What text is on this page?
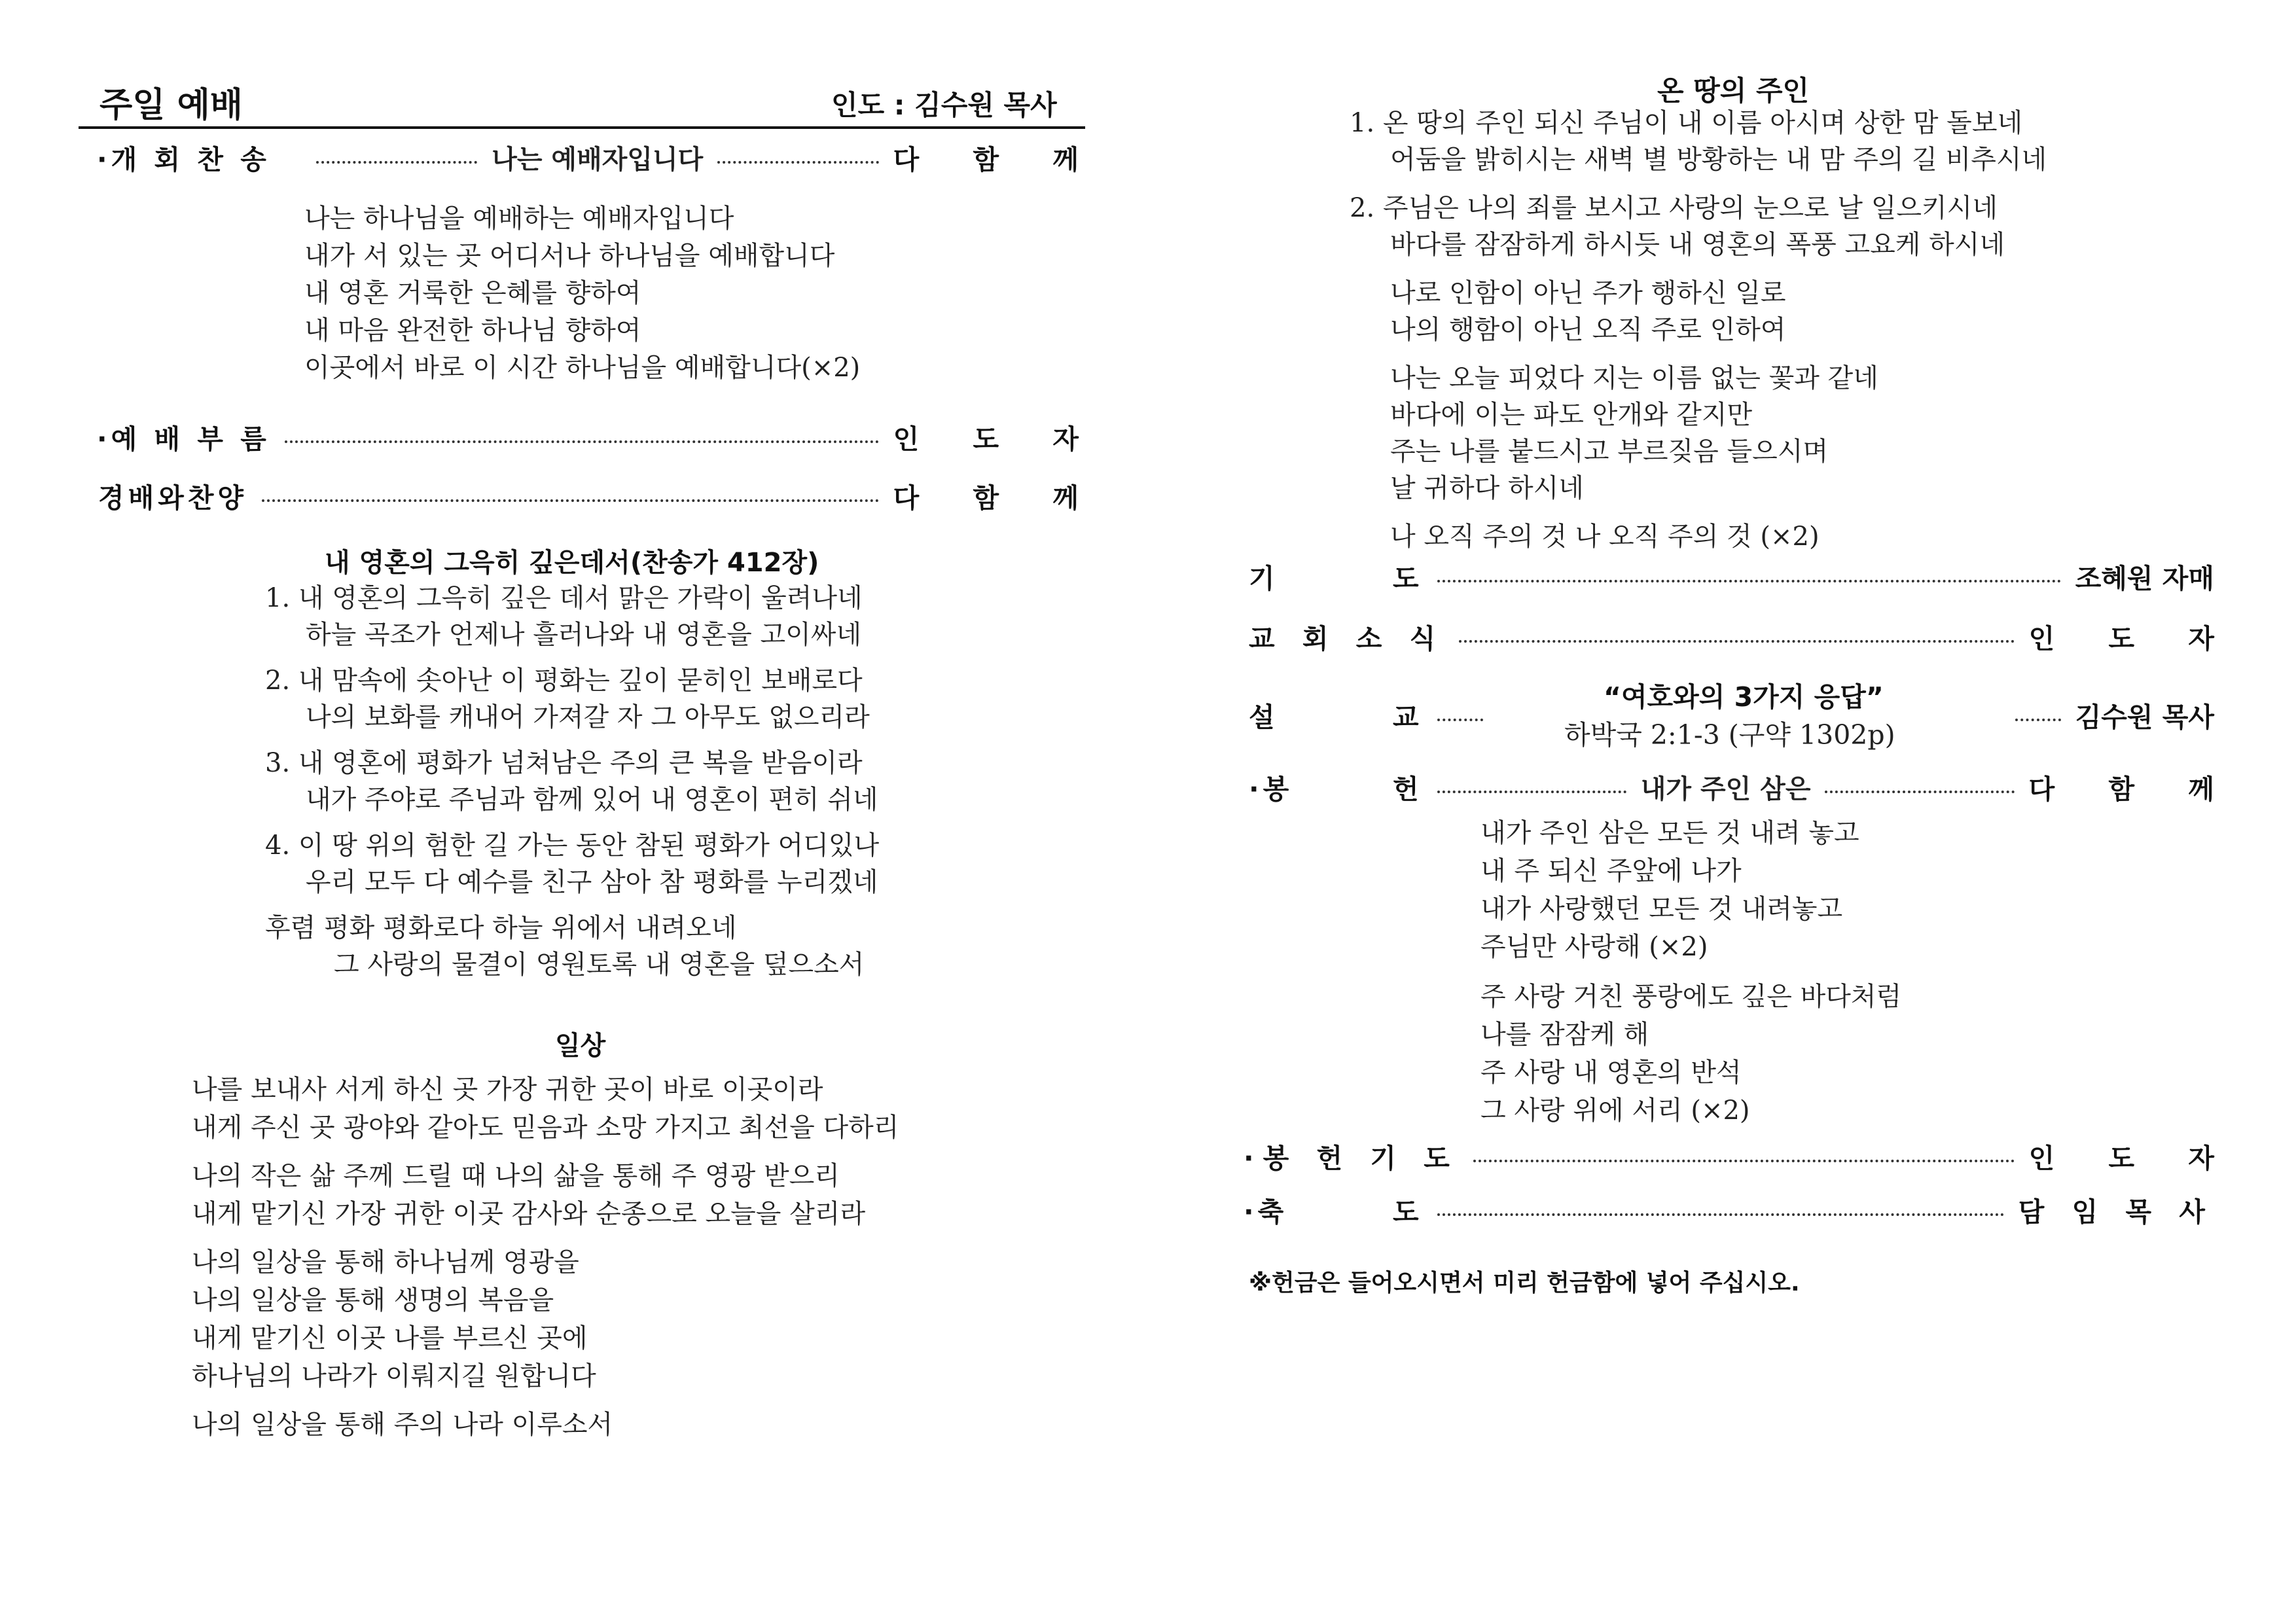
주일 예배	인도 : 김수원 목사
·개 회 찬 송	나는 예배자입니다	다 함 께
나는 하나님을 예배하는 예배자입니다
내가 서 있는 곳 어디서나 하나님을 예배합니다
내 영혼 거룩한 은혜를 향하여
내 마음 완전한 하나님 향하여
이곳에서 바로 이 시간 하나님을 예배합니다(×2)
·예 배 부 름	인 도 자
경배와찬양	다 함 께
내 영혼의 그윽히 깊은데서(찬송가 412장)
1. 내 영혼의 그윽히 깊은 데서 맑은 가락이 울려나네
하늘 곡조가 언제나 흘러나와 내 영혼을 고이싸네
2. 내 맘속에 솟아난 이 평화는 깊이 묻히인 보배로다
나의 보화를 캐내어 가져갈 자 그 아무도 없으리라
3. 내 영혼에 평화가 넘쳐남은 주의 큰 복을 받음이라
내가 주야로 주님과 함께 있어 내 영혼이 편히 쉬네
4. 이 땅 위의 험한 길 가는 동안 참된 평화가 어디있나
우리 모두 다 예수를 친구 삼아 참 평화를 누리겠네
후렴 평화 평화로다 하늘 위에서 내려오네
그 사랑의 물결이 영원토록 내 영혼을 덮으소서
일상
나를 보내사 서게 하신 곳 가장 귀한 곳이 바로 이곳이라
내게 주신 곳 광야와 같아도 믿음과 소망 가지고 최선을 다하리
나의 작은 삶 주께 드릴 때 나의 삶을 통해 주 영광 받으리
내게 맡기신 가장 귀한 이곳 감사와 순종으로 오늘을 살리라
나의 일상을 통해 하나님께 영광을
나의 일상을 통해 생명의 복음을
내게 맡기신 이곳 나를 부르신 곳에
하나님의 나라가 이뤄지길 원합니다
나의 일상을 통해 주의 나라 이루소서
온 땅의 주인
1. 온 땅의 주인 되신 주님이 내 이름 아시며 상한 맘 돌보네
어둠을 밝히시는 새벽 별 방황하는 내 맘 주의 길 비추시네
2. 주님은 나의 죄를 보시고 사랑의 눈으로 날 일으키시네
바다를 잠잠하게 하시듯 내 영혼의 폭풍 고요케 하시네
나로 인함이 아닌 주가 행하신 일로
나의 행함이 아닌 오직 주로 인하여
나는 오늘 피었다 지는 이름 없는 꽃과 같네
바다에 이는 파도 안개와 같지만
주는 나를 붙드시고 부르짖음 들으시며
날 귀하다 하시네
나 오직 주의 것 나 오직 주의 것 (×2)
기	도	조혜원 자매
교 회 소 식	인 도 자
설	교	김수원 목사
“여호와의 3가지 응답”
하박국 2:1-3 (구약 1302p)
·봉	헌	내가 주인 삼은	다 함 께
내가 주인 삼은 모든 것 내려 놓고
내 주 되신 주앞에 나가
내가 사랑했던 모든 것 내려놓고
주님만 사랑해 (×2)
주 사랑 거친 풍랑에도 깊은 바다처럼
나를 잠잠케 해
주 사랑 내 영혼의 반석
그 사랑 위에 서리 (×2)
·봉 헌 기 도	인 도 자
·축	도	담 임 목 사
※헌금은 들어오시면서 미리 헌금함에 넣어 주십시오.
